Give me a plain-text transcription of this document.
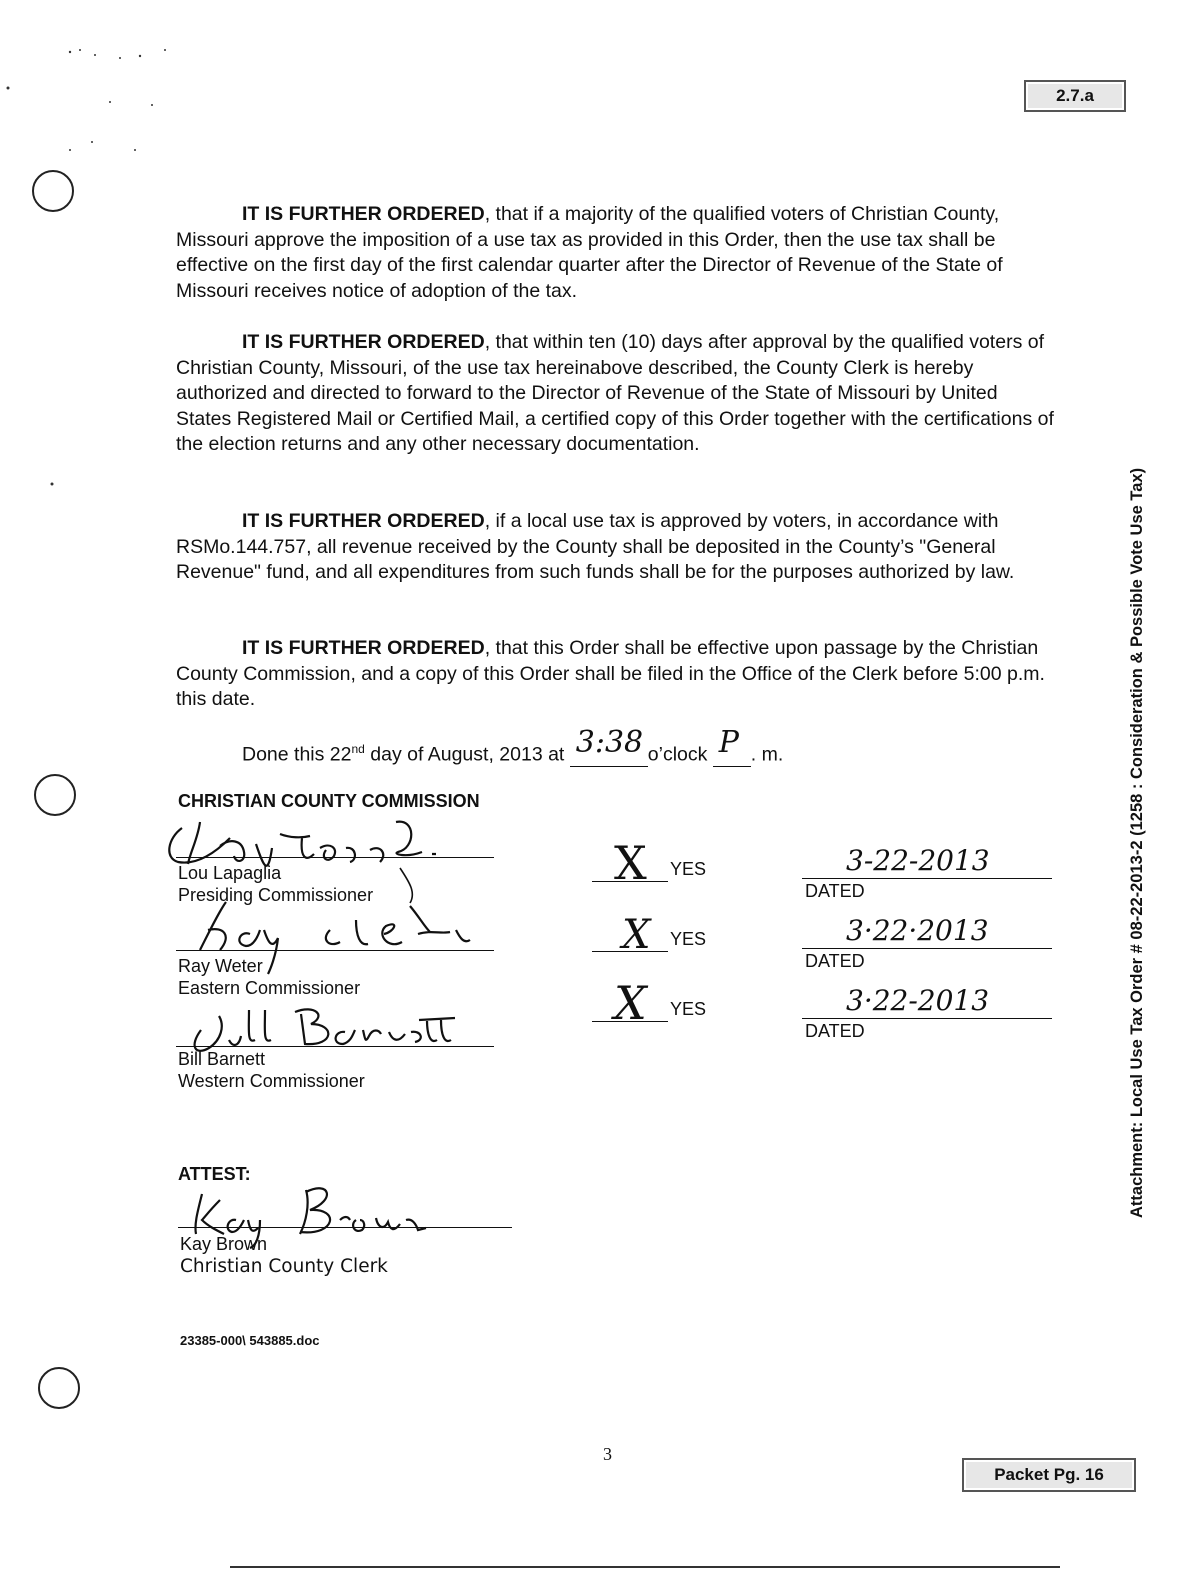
2.7.a
IT IS FURTHER ORDERED, that if a majority of the qualified voters of Christian County, Missouri approve the imposition of a use tax as provided in this Order, then the use tax shall be effective on the first day of the first calendar quarter after the Director of Revenue of the State of Missouri receives notice of adoption of the tax.
IT IS FURTHER ORDERED, that within ten (10) days after approval by the qualified voters of Christian County, Missouri, of the use tax hereinabove described, the County Clerk is hereby authorized and directed to forward to the Director of Revenue of the State of Missouri by United States Registered Mail or Certified Mail, a certified copy of this Order together with the certifications of the election returns and any other necessary documentation.
IT IS FURTHER ORDERED, if a local use tax is approved by voters, in accordance with RSMo.144.757, all revenue received by the County shall be deposited in the County’s "General Revenue" fund, and all expenditures from such funds shall be for the purposes authorized by law.
IT IS FURTHER ORDERED, that this Order shall be effective upon passage by the Christian County Commission, and a copy of this Order shall be filed in the Office of the Clerk before 5:00 p.m. this date.
Done this 22nd day of August, 2013 at 3:38 o’clock P . m.
CHRISTIAN COUNTY COMMISSION
Lou Lapaglia
Presiding Commissioner
Ray Weter
Eastern Commissioner
Bill Barnett
Western Commissioner
X YES
X YES
X YES
3-22-2013
DATED
3·22·2013
DATED
3·22-2013
DATED
ATTEST:
Kay Brown
Christian County Clerk
23385-000\ 543885.doc
3
Packet Pg. 16
Attachment: Local Use Tax Order # 08-22-2013-2 (1258 : Consideration & Possible Vote Use Tax)
